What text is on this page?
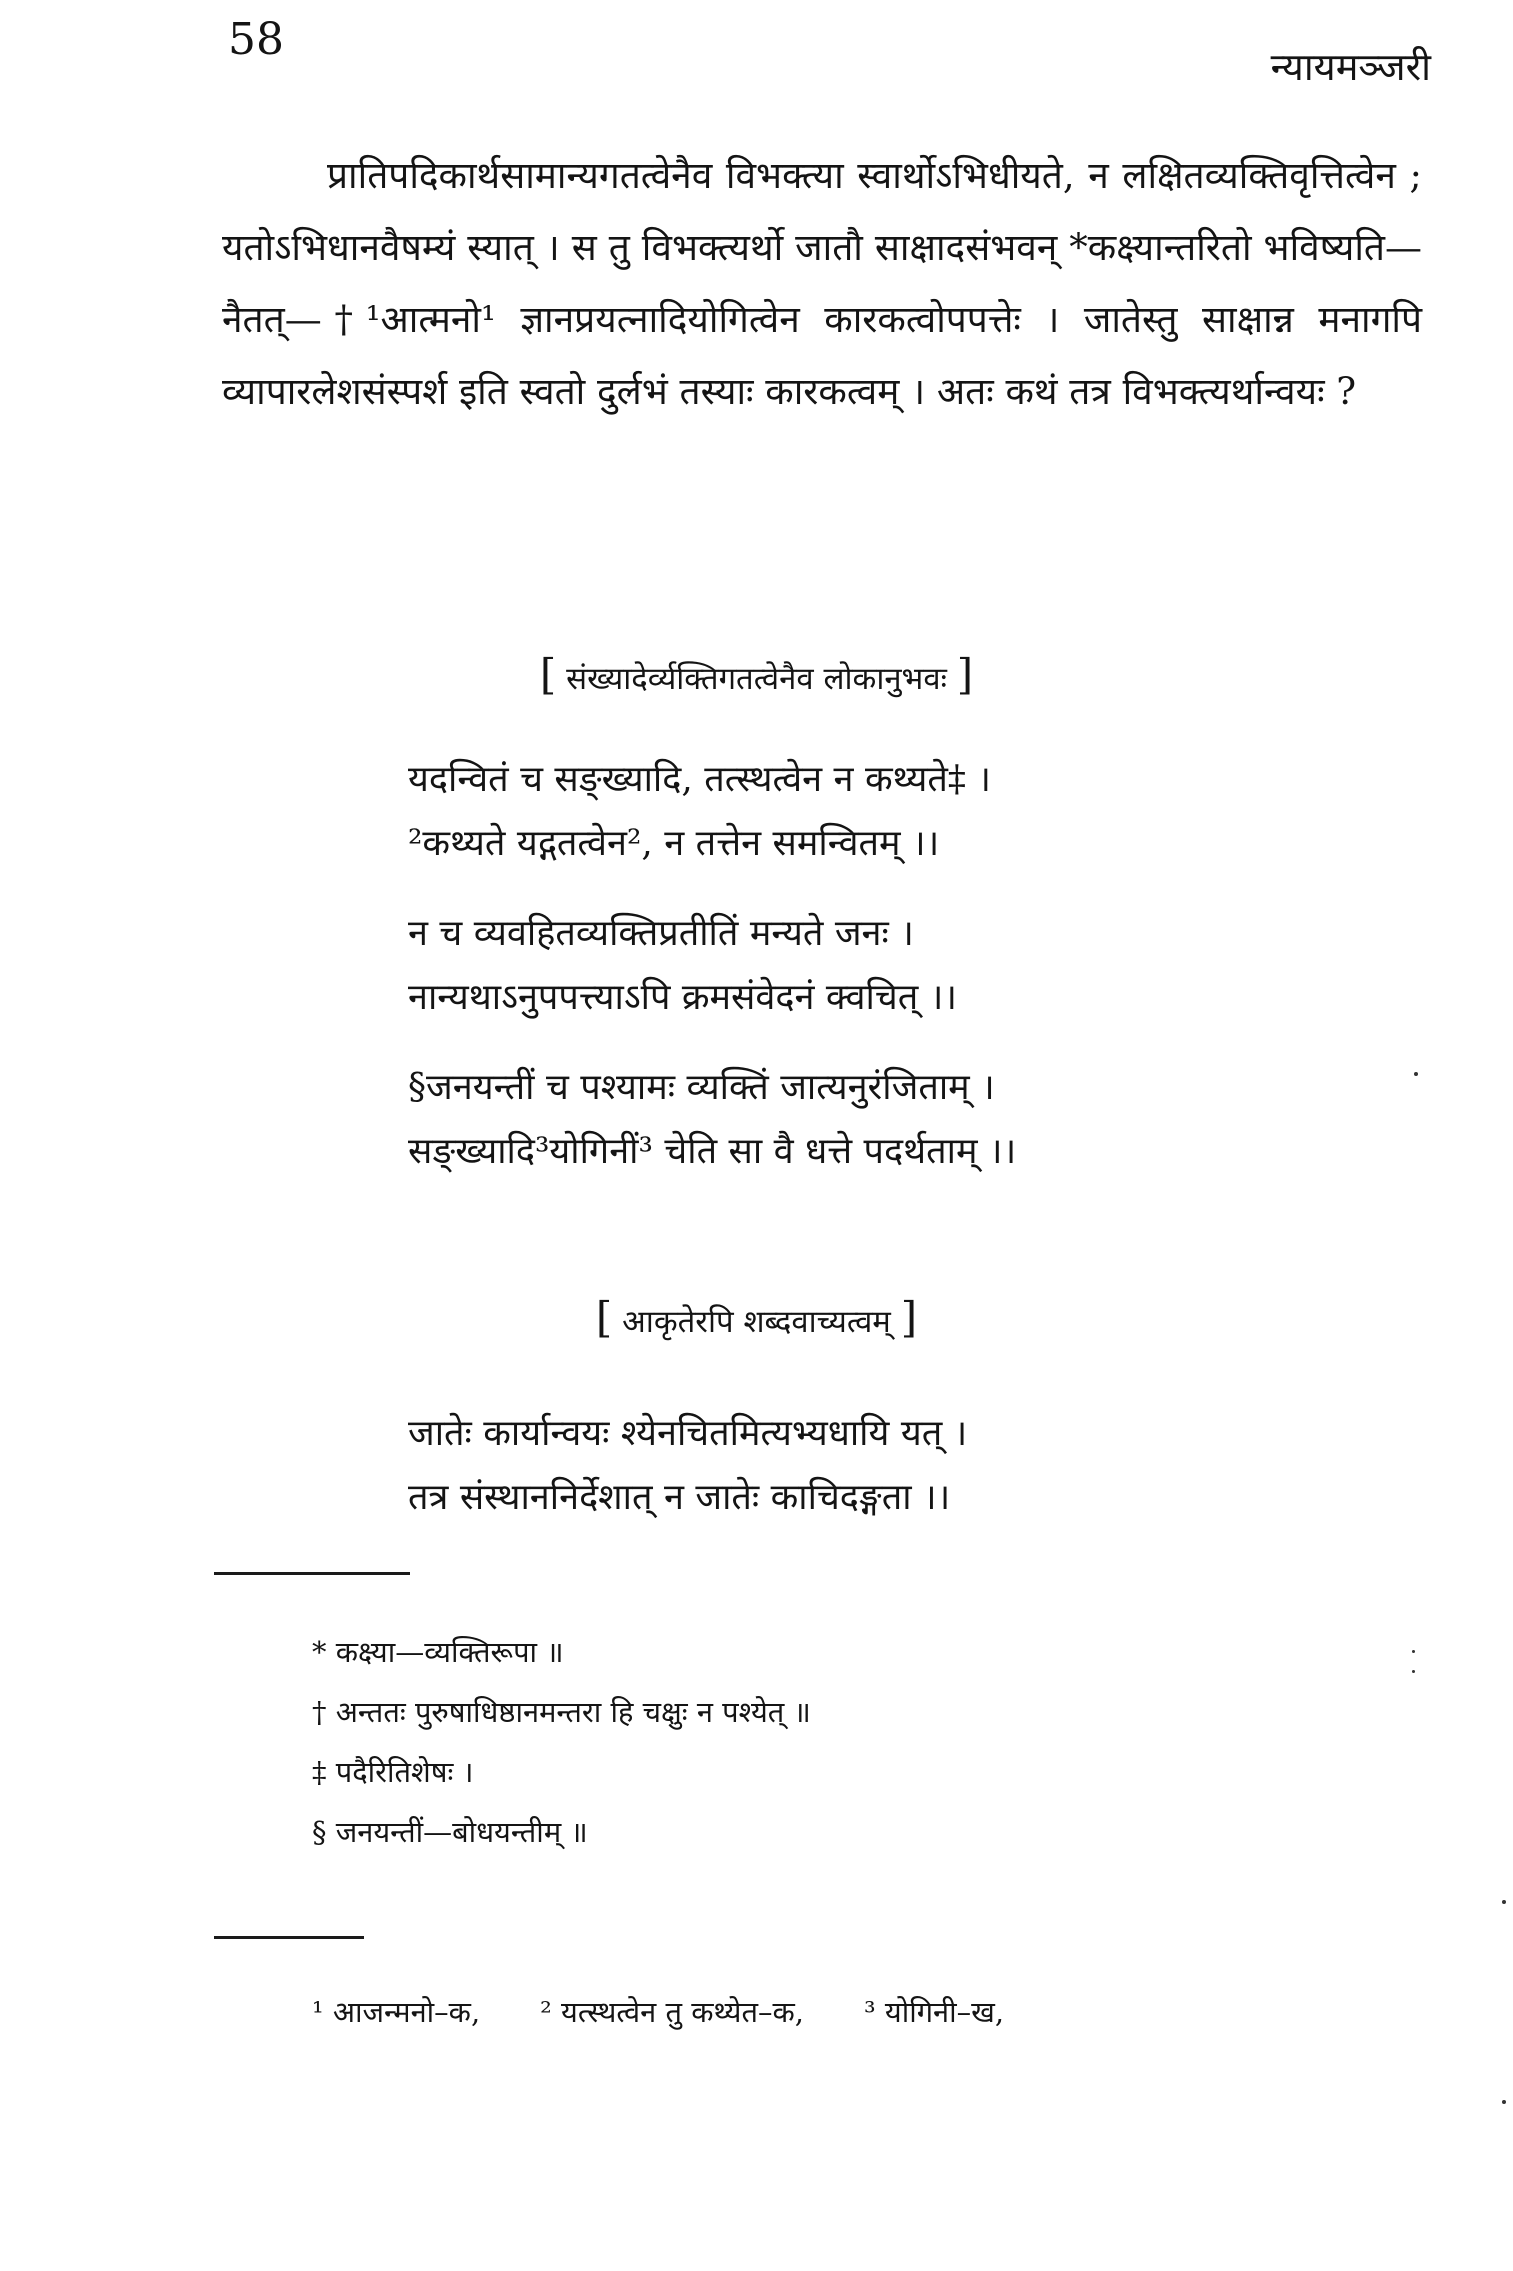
58
न्यायमञ्जरी

प्रातिपदिकार्थसामान्यगतत्वेनैव विभक्त्या स्वार्थोऽभिधीयते, न लक्षितव्यक्तिवृत्तित्वेन ; यतोऽभिधानवैषम्यं स्यात् । स तु विभक्त्यर्थो जातौ साक्षादसंभवन् *कक्ष्यान्तरितो भविष्यति—नैतत्—†¹आत्मनो¹ ज्ञानप्रयत्नादियोगित्वेन कारकत्वोपपत्तेः । जातेस्तु साक्षान्न मनागपि व्यापारलेशसंस्पर्श इति स्वतो दुर्लभं तस्याः कारकत्वम् । अतः कथं तत्र विभक्त्यर्थान्वयः ?

[ संख्यादेर्व्यक्तिगतत्वेनैव लोकानुभवः ]
यदन्वितं च सङ्ख्यादि, तत्स्थत्वेन न कथ्यते‡ ।
²कथ्यते यद्गतत्वेन², न तत्तेन समन्वितम् ।।
न च व्यवहितव्यक्तिप्रतीतिं मन्यते जनः ।
नान्यथाऽनुपपत्त्याऽपि क्रमसंवेदनं क्वचित् ।।
§जनयन्तीं च पश्यामः व्यक्तिं जात्यनुरंजिताम् ।
सङ्ख्यादि³योगिनीं³ चेति सा वै धत्ते पदर्थताम् ।।
[ आकृतेरपि शब्दवाच्यत्वम् ]
जातेः कार्यान्वयः श्येनचितमित्यभ्यधायि यत् ।
तत्र संस्थाननिर्देशात् न जातेः काचिदङ्गता ।।
* कक्ष्या—व्यक्तिरूपा ॥
† अन्ततः पुरुषाधिष्ठानमन्तरा हि चक्षुः न पश्येत् ॥
‡ पदैरितिशेषः ।
§ जनयन्तीं—बोधयन्तीम् ॥
¹ आजन्मनो–क, ² यत्स्थत्वेन तु कथ्येत–क, ³ योगिनी–ख,
